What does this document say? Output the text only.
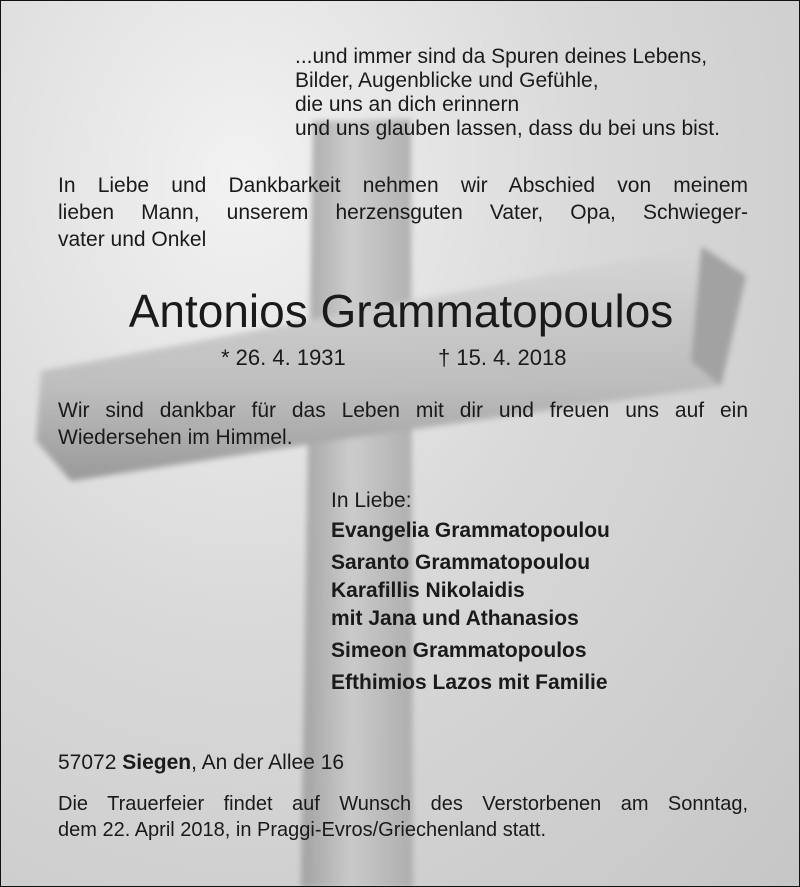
...und immer sind da Spuren deines Lebens,
Bilder, Augenblicke und Gefühle,
die uns an dich erinnern
und uns glauben lassen, dass du bei uns bist.
In Liebe und Dankbarkeit nehmen wir Abschied von meinem
lieben Mann, unserem herzensguten Vater, Opa, Schwieger-
vater und Onkel
Antonios Grammatopoulos
* 26. 4. 1931	† 15. 4. 2018
Wir sind dankbar für das Leben mit dir und freuen uns auf ein
Wiedersehen im Himmel.
In Liebe:
Evangelia Grammatopoulou
Saranto Grammatopoulou
Karafillis Nikolaidis
mit Jana und Athanasios
Simeon Grammatopoulos
Efthimios Lazos mit Familie
57072 Siegen, An der Allee 16
Die Trauerfeier findet auf Wunsch des Verstorbenen am Sonntag,
dem 22. April 2018, in Praggi-Evros/Griechenland statt.
